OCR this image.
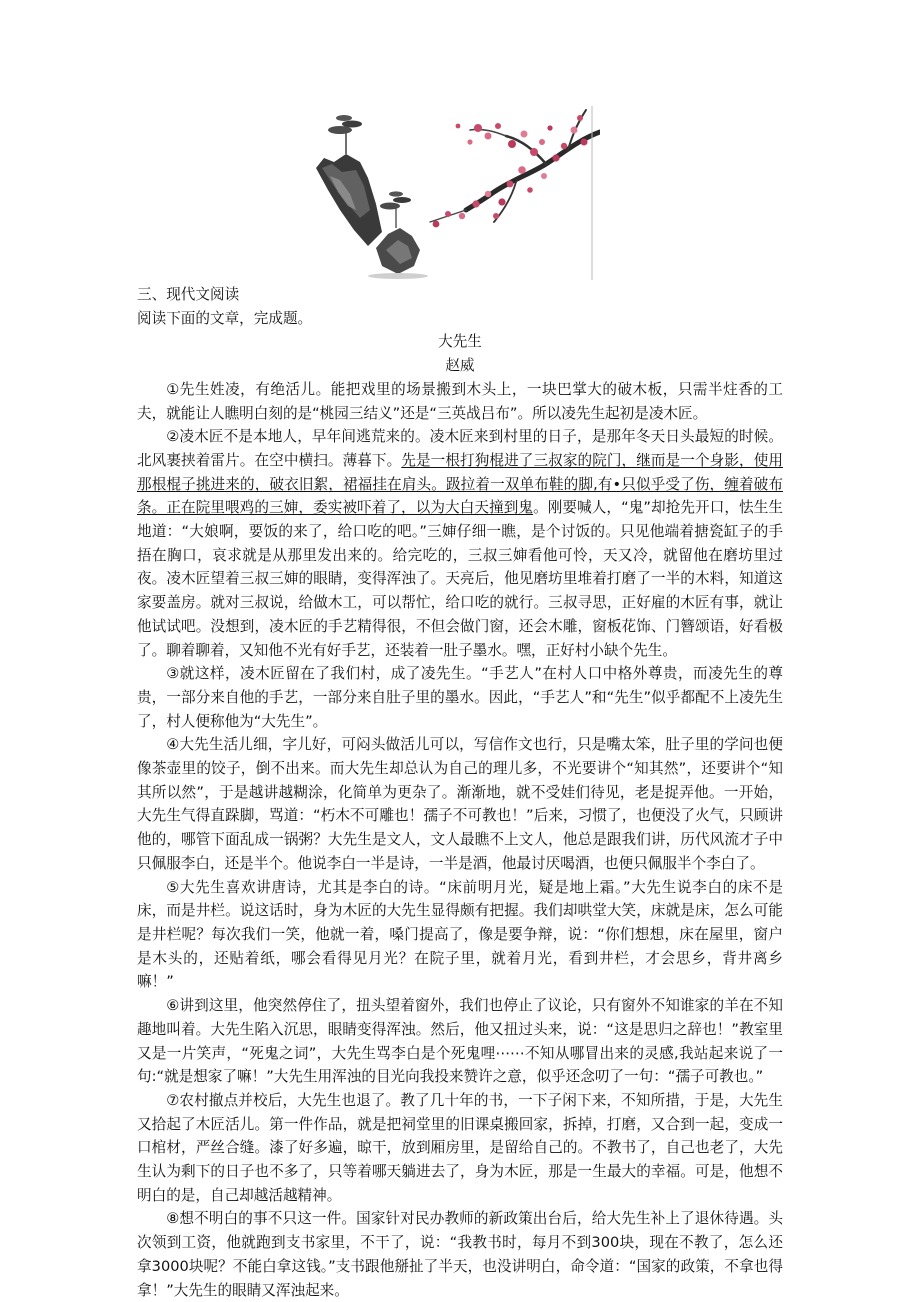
三、现代文阅读

阅读下面的文章，完成题。

大先生

赵威

①先生姓凌，有绝活儿。能把戏里的场景搬到木头上，一块巴掌大的破木板，只需半炷香的工夫，就能让人瞧明白刻的是“桃园三结义”还是“三英战吕布”。所以凌先生起初是凌木匠。

②凌木匠不是本地人，早年间逃荒来的。凌木匠来到村里的日子，是那年冬天日头最短的时候。北风裹挟着雷片。在空中横扫。薄暮下。先是一根打狗棍进了三叔家的院门，继而是一个身影，使用那根棍子挑进来的，破衣旧絮，裙福挂在肩头。趿拉着一双单布鞋的脚,有•只似乎受了伤，缠着破布条。正在院里喂鸡的三婶，委实被吓着了，以为大白天撞到鬼。刚要喊人，“鬼”却抢先开口，怯生生地道：“大娘啊，要饭的来了，给口吃的吧。”三婶仔细一瞧，是个讨饭的。只见他端着搪瓷缸子的手捂在胸口，哀求就是从那里发出来的。给完吃的，三叔三婶看他可怜，天又冷，就留他在磨坊里过夜。凌木匠望着三叔三婶的眼睛，变得浑浊了。天亮后，他见磨坊里堆着打磨了一半的木料，知道这家要盖房。就对三叔说，给做木工，可以帮忙，给口吃的就行。三叔寻思，正好雇的木匠有事，就让他试试吧。没想到，凌木匠的手艺精得很，不但会做门窗，还会木雕，窗板花饰、门簪颂语，好看极了。聊着聊着，又知他不光有好手艺，还装着一肚子墨水。嘿，正好村小缺个先生。

③就这样，凌木匠留在了我们村，成了凌先生。“手艺人”在村人口中格外尊贵，而凌先生的尊贵，一部分来自他的手艺，一部分来自肚子里的墨水。因此，“手艺人”和“先生”似乎都配不上凌先生了，村人便称他为“大先生”。

④大先生活儿细，字儿好，可闷头做活儿可以，写信作文也行，只是嘴太笨，肚子里的学问也便像茶壶里的饺子，倒不出来。而大先生却总认为自己的理儿多，不光要讲个“知其然”，还要讲个“知其所以然”，于是越讲越糊涂，化简单为更杂了。渐渐地，就不受娃们待见，老是捉弄他。一开始，大先生气得直跺脚，骂道：“朽木不可雕也！孺子不可教也！”后来，习惯了，也便没了火气，只顾讲他的，哪管下面乱成一锅粥？大先生是文人，文人最瞧不上文人，他总是跟我们讲，历代风流才子中只佩服李白，还是半个。他说李白一半是诗，一半是酒，他最讨厌喝酒，也便只佩服半个李白了。

⑤大先生喜欢讲唐诗，尤其是李白的诗。“床前明月光，疑是地上霜。”大先生说李白的床不是床，而是井栏。说这话时，身为木匠的大先生显得颇有把握。我们却哄堂大笑，床就是床，怎么可能是井栏呢？每次我们一笑，他就一着，嗓门提高了，像是要争辩，说：“你们想想，床在屋里，窗户是木头的，还贴着纸，哪会看得见月光？在院子里，就着月光，看到井栏，才会思乡，背井离乡嘛！”

⑥讲到这里，他突然停住了，扭头望着窗外，我们也停止了议论，只有窗外不知谁家的羊在不知趣地叫着。大先生陷入沉思，眼睛变得浑浊。然后，他又扭过头来，说：“这是思归之辞也！”教室里又是一片笑声，“死鬼之词”，大先生骂李白是个死鬼哩⋯⋯不知从哪冒出来的灵感,我站起来说了一句:“就是想家了嘛！”大先生用浑浊的目光向我投来赞许之意，似乎还念叨了一句：“孺子可教也。”

⑦农村撤点并校后，大先生也退了。教了几十年的书，一下子闲下来，不知所措，于是，大先生又拾起了木匠活儿。第一件作品，就是把祠堂里的旧课桌搬回家，拆掉，打磨，又合到一起，变成一口棺材，严丝合缝。漆了好多遍，晾干，放到厢房里，是留给自己的。不教书了，自己也老了，大先生认为剩下的日子也不多了，只等着哪天躺进去了，身为木匠，那是一生最大的幸福。可是，他想不明白的是，自己却越活越精神。

⑧想不明白的事不只这一件。国家针对民办教师的新政策出台后，给大先生补上了退休待遇。头次领到工资，他就跑到支书家里，不干了，说：“我教书时，每月不到300块，现在不教了，怎么还拿3000块呢？不能白拿这钱。”支书跟他掰扯了半天，也没讲明白，命令道：“国家的政策，不拿也得拿！”大先生的眼睛又浑浊起来。
